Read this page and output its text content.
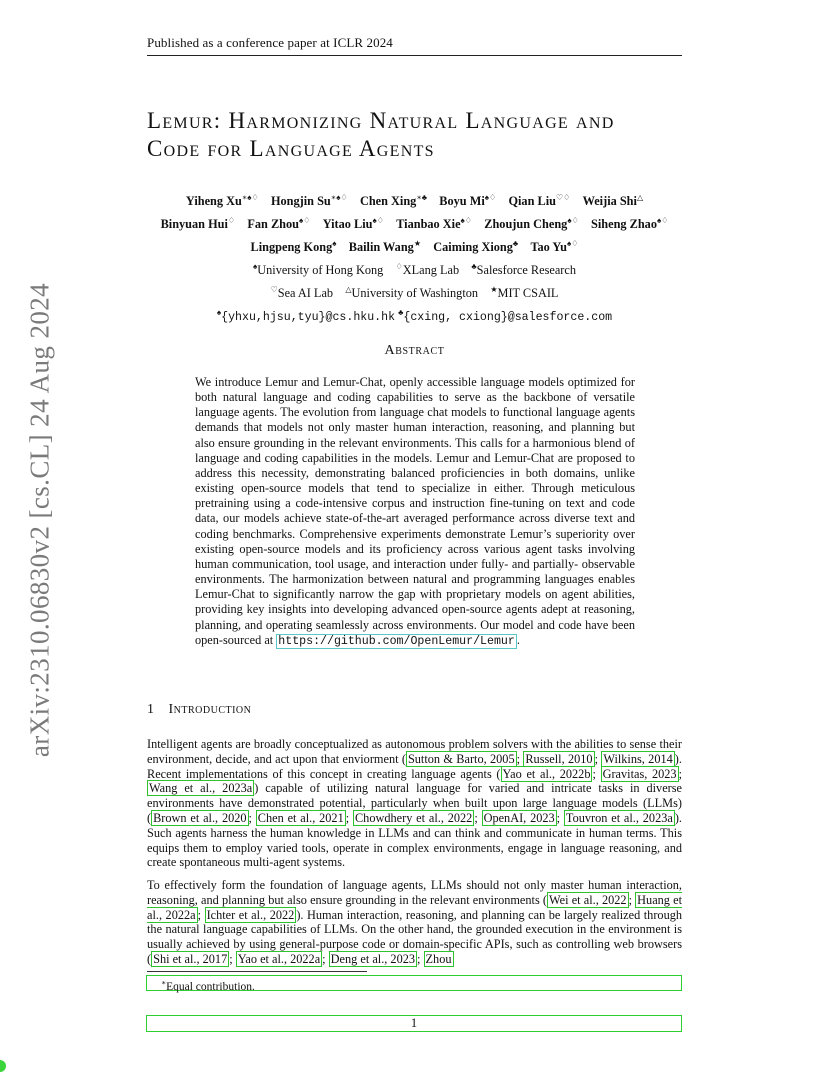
Published as a conference paper at ICLR 2024
arXiv:2310.06830v2 [cs.CL] 24 Aug 2024
Lemur: Harmonizing Natural Language and
Code for Language Agents
Yiheng Xu∗♠♢  Hongjin Su∗♠♢  Chen Xing∗♣  Boyu Mi♠♢  Qian Liu♡♢  Weijia Shi△
Binyuan Hui♢  Fan Zhou♠♢  Yitao Liu♠♢  Tianbao Xie♠♢  Zhoujun Cheng♠♢  Siheng Zhao♠♢
Lingpeng Kong♠  Bailin Wang★  Caiming Xiong♣  Tao Yu♠♢
♠University of Hong Kong  ♢XLang Lab  ♣Salesforce Research
♡Sea AI Lab  △University of Washington  ★MIT CSAIL
♠{yhxu,hjsu,tyu}@cs.hku.hk ♣{cxing, cxiong}@salesforce.com
Abstract
We introduce Lemur and Lemur-Chat, openly accessible language models optimized for both natural language and coding capabilities to serve as the backbone of versatile language agents. The evolution from language chat models to functional language agents demands that models not only master human interaction, reasoning, and planning but also ensure grounding in the relevant environments. This calls for a harmonious blend of language and coding capabilities in the models. Lemur and Lemur-Chat are proposed to address this necessity, demonstrating balanced proficiencies in both domains, unlike existing open-source models that tend to specialize in either. Through meticulous pretraining using a code-intensive corpus and instruction fine-tuning on text and code data, our models achieve state-of-the-art averaged performance across diverse text and coding benchmarks. Comprehensive experiments demonstrate Lemur’s superiority over existing open-source models and its proficiency across various agent tasks involving human communication, tool usage, and interaction under fully- and partially- observable environments. The harmonization between natural and programming languages enables Lemur-Chat to significantly narrow the gap with proprietary models on agent abilities, providing key insights into developing advanced open-source agents adept at reasoning, planning, and operating seamlessly across environments. Our model and code have been open-sourced at https://github.com/OpenLemur/Lemur .
1 Introduction

Intelligent agents are broadly conceptualized as autonomous problem solvers with the abilities to sense their environment, decide, and act upon that enviorment ( Sutton & Barto, 2005 ; Russell, 2010 ; Wilkins, 2014 ). Recent implementations of this concept in creating language agents ( Yao et al., 2022b ; Gravitas, 2023 ; Wang et al., 2023a ) capable of utilizing natural language for varied and intricate tasks in diverse environments have demonstrated potential, particularly when built upon large language models (LLMs) ( Brown et al., 2020 ; Chen et al., 2021 ; Chowdhery et al., 2022 ; OpenAI, 2023 ; Touvron et al., 2023a ). Such agents harness the human knowledge in LLMs and can think and communicate in human terms. This equips them to employ varied tools, operate in complex environments, engage in language reasoning, and create spontaneous multi-agent systems.

To effectively form the foundation of language agents, LLMs should not only master human interaction, reasoning, and planning but also ensure grounding in the relevant environments ( Wei et al., 2022 ; Huang et al., 2022a ; Ichter et al., 2022 ). Human interaction, reasoning, and planning can be largely realized through the natural language capabilities of LLMs. On the other hand, the grounded execution in the environment is usually achieved by using general-purpose code or domain-specific APIs, such as controlling web browsers ( Shi et al., 2017 ; Yao et al., 2022a ; Deng et al., 2023 ; Zhou

∗Equal contribution.
1
